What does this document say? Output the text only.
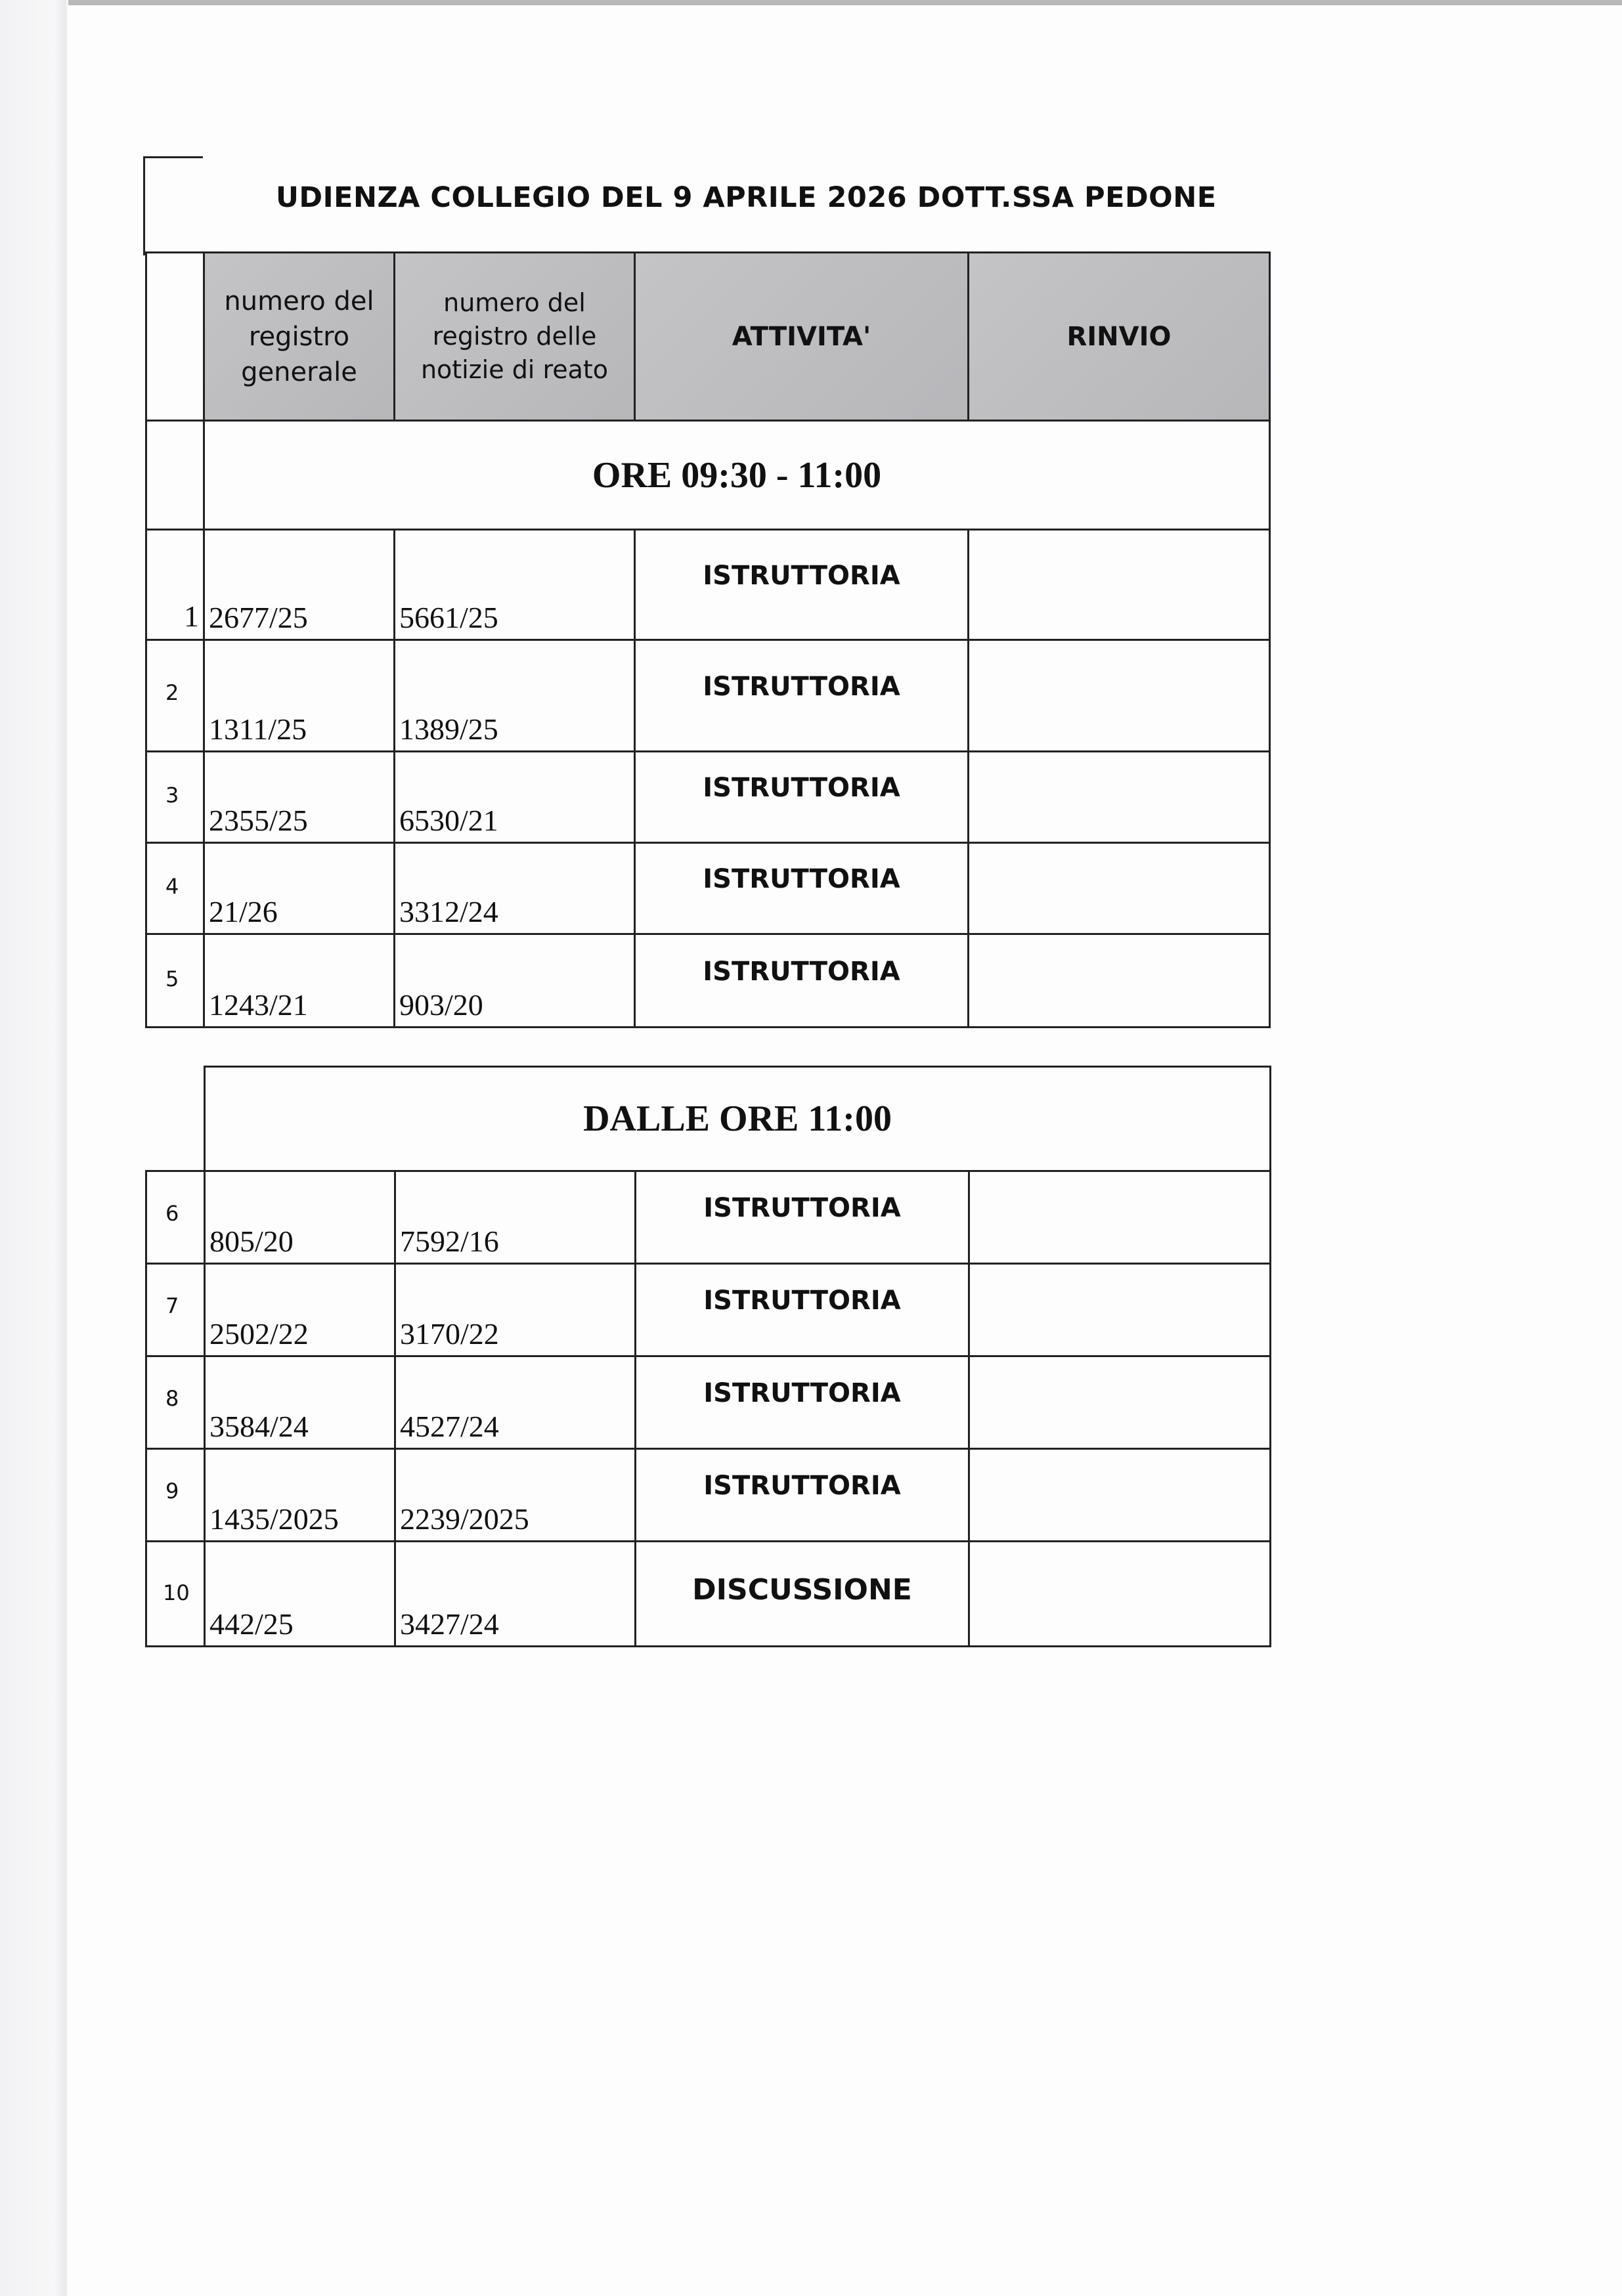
UDIENZA COLLEGIO DEL 9 APRILE 2026 DOTT.SSA PEDONE
	numero del registro generale	numero del registro delle notizie di reato	ATTIVITA'	RINVIO
	ORE 09:30 - 11:00			

1	2677/25	5661/25	ISTRUTTORIA	

2	1311/25	1389/25	ISTRUTTORIA	

3	2355/25	6530/21	ISTRUTTORIA	

4	21/26	3312/24	ISTRUTTORIA	

5	1243/21	903/20	ISTRUTTORIA	
	DALLE ORE 11:00			

6	805/20	7592/16	ISTRUTTORIA	

7	2502/22	3170/22	ISTRUTTORIA	

8	3584/24	4527/24	ISTRUTTORIA	

9	1435/2025	2239/2025	ISTRUTTORIA	

10	442/25	3427/24	DISCUSSIONE	
